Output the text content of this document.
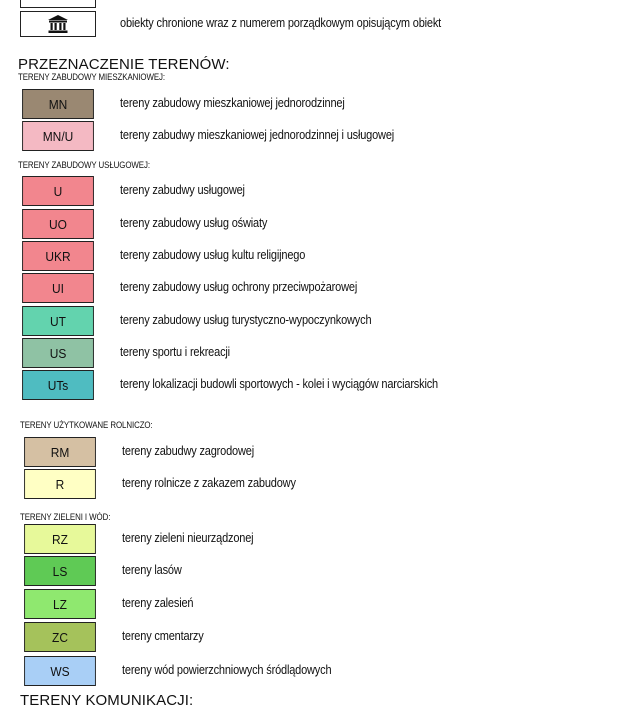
obiekty chronione wraz z numerem porządkowym opisującym obiekt
PRZEZNACZENIE TERENÓW:
TERENY ZABUDOWY MIESZKANIOWEJ:
MN	tereny zabudowy mieszkaniowej jednorodzinnej
MN/U	tereny zabudwy mieszkaniowej jednorodzinnej i usługowej
TERENY ZABUDOWY USŁUGOWEJ:
U	tereny zabudwy usługowej
UO	tereny zabudowy usług oświaty
UKR	tereny zabudowy usług kultu religijnego
UI	tereny zabudowy usług ochrony przeciwpożarowej
UT	tereny zabudowy usług turystyczno-wypoczynkowych
US	tereny sportu i rekreacji
UTs	tereny lokalizacji budowli sportowych - kolei i wyciągów narciarskich
TERENY UŻYTKOWANE ROLNICZO:
RM	tereny zabudwy zagrodowej
R	tereny rolnicze z zakazem zabudowy
TERENY ZIELENI I WÓD:
RZ	tereny zieleni nieurządzonej
LS	tereny lasów
LZ	tereny zalesień
ZC	tereny cmentarzy
WS	tereny wód powierzchniowych śródlądowych
TERENY KOMUNIKACJI:
